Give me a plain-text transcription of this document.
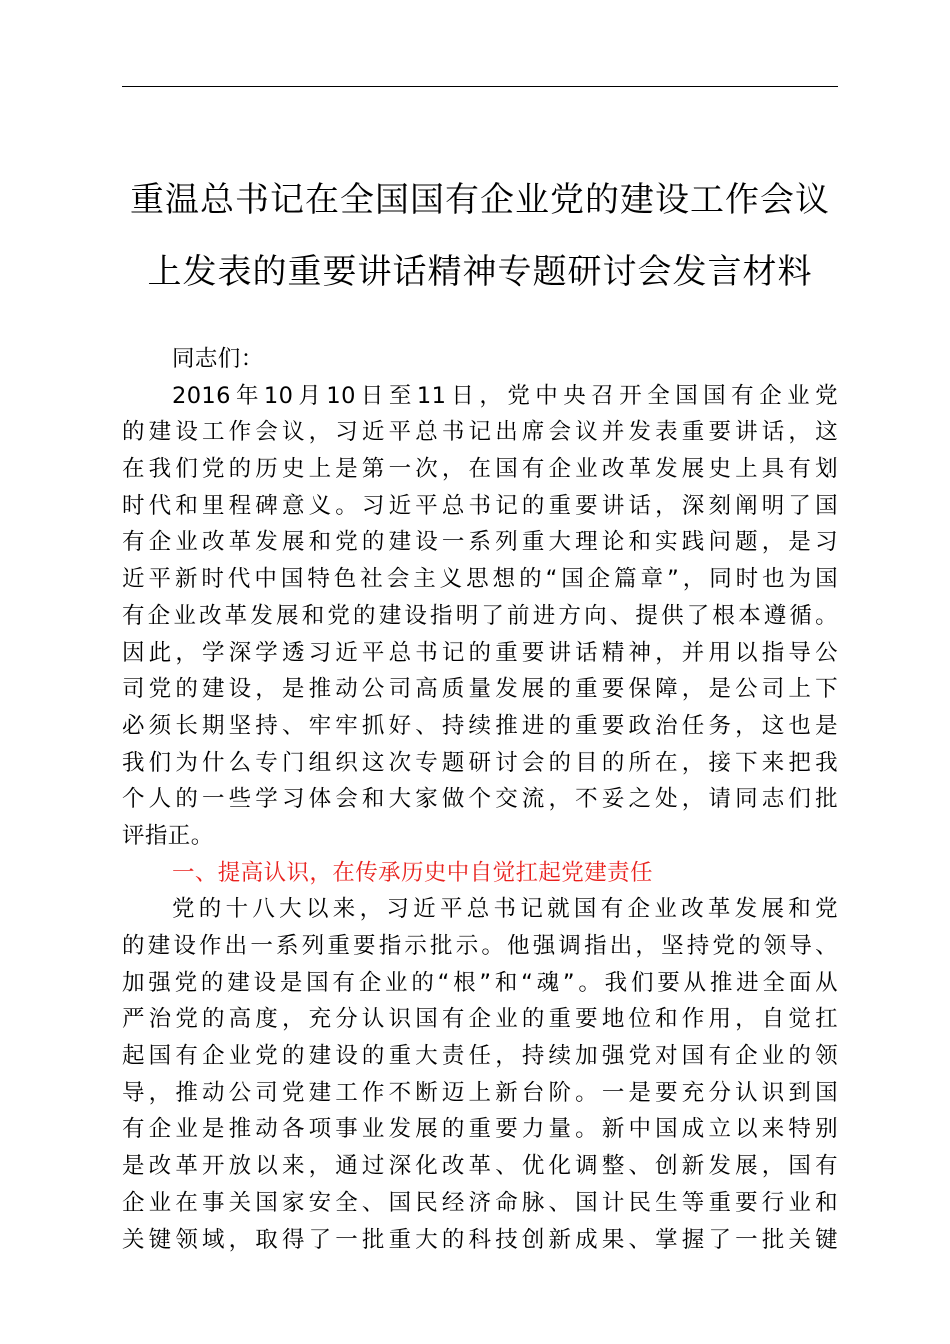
重温总书记在全国国有企业党的建设工作会议
上发表的重要讲话精神专题研讨会发言材料
同志们：
2016年10月10日至11日，党中央召开全国国有企业党
的建设工作会议，习近平总书记出席会议并发表重要讲话，这
在我们党的历史上是第一次，在国有企业改革发展史上具有划
时代和里程碑意义。习近平总书记的重要讲话，深刻阐明了国
有企业改革发展和党的建设一系列重大理论和实践问题，是习
近平新时代中国特色社会主义思想的“国企篇章”，同时也为国
有企业改革发展和党的建设指明了前进方向、提供了根本遵循。
因此，学深学透习近平总书记的重要讲话精神，并用以指导公
司党的建设，是推动公司高质量发展的重要保障，是公司上下
必须长期坚持、牢牢抓好、持续推进的重要政治任务，这也是
我们为什么专门组织这次专题研讨会的目的所在，接下来把我
个人的一些学习体会和大家做个交流，不妥之处，请同志们批
评指正。
一、提高认识，在传承历史中自觉扛起党建责任
党的十八大以来，习近平总书记就国有企业改革发展和党
的建设作出一系列重要指示批示。他强调指出，坚持党的领导、
加强党的建设是国有企业的“根”和“魂”。我们要从推进全面从
严治党的高度，充分认识国有企业的重要地位和作用，自觉扛
起国有企业党的建设的重大责任，持续加强党对国有企业的领
导，推动公司党建工作不断迈上新台阶。一是要充分认识到国
有企业是推动各项事业发展的重要力量。新中国成立以来特别
是改革开放以来，通过深化改革、优化调整、创新发展，国有
企业在事关国家安全、国民经济命脉、国计民生等重要行业和
关键领域，取得了一批重大的科技创新成果、掌握了一批关键
